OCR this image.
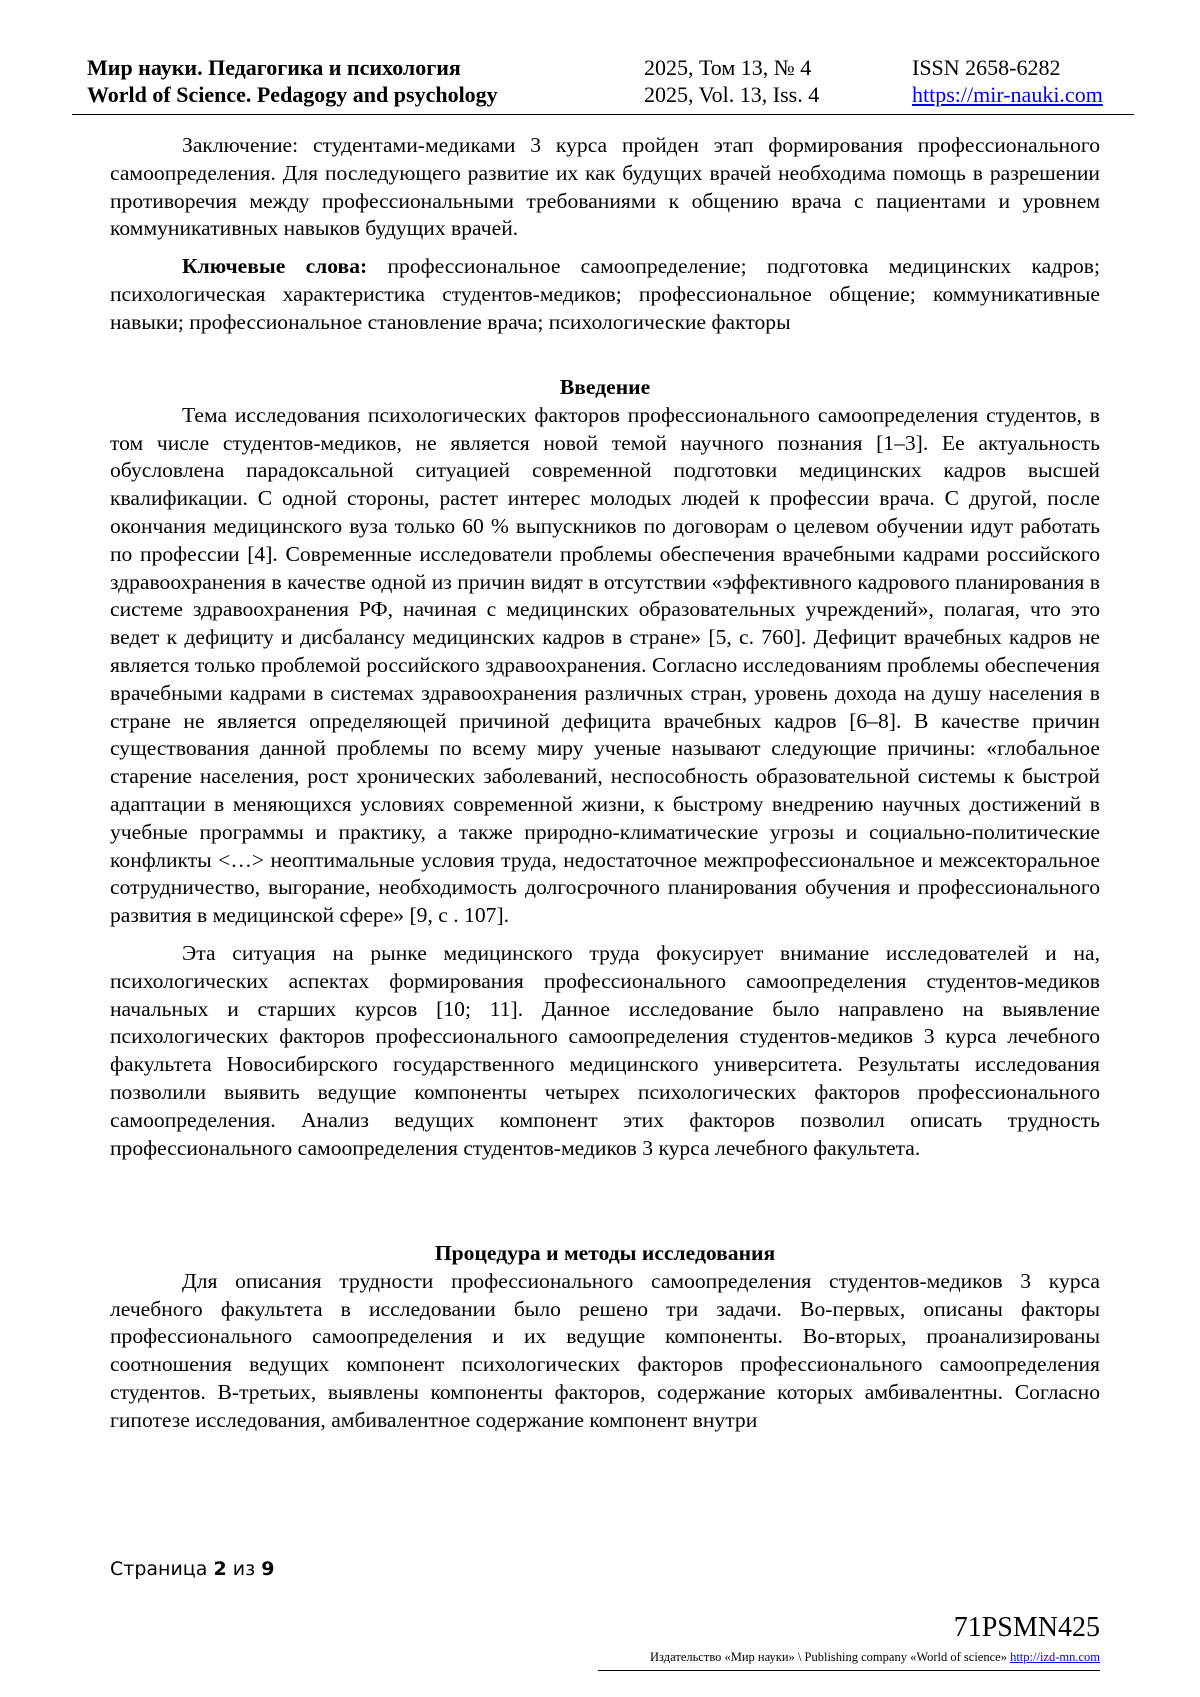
Мир науки. Педагогика и психология
World of Science. Pedagogy and psychology
2025, Том 13, № 4
2025, Vol. 13, Iss. 4
ISSN 2658-6282
https://mir-nauki.com

Заключение: студентами-медиками 3 курса пройден этап формирования профессионального самоопределения. Для последующего развитие их как будущих врачей необходима помощь в разрешении противоречия между профессиональными требованиями к общению врача с пациентами и уровнем коммуникативных навыков будущих врачей.

Ключевые слова: профессиональное самоопределение; подготовка медицинских кадров; психологическая характеристика студентов-медиков; профессиональное общение; коммуникативные навыки; профессиональное становление врача; психологические факторы

Введение

Тема исследования психологических факторов профессионального самоопределения студентов, в том числе студентов-медиков, не является новой темой научного познания [1–3]. Ее актуальность обусловлена парадоксальной ситуацией современной подготовки медицинских кадров высшей квалификации. С одной стороны, растет интерес молодых людей к профессии врача. С другой, после окончания медицинского вуза только 60 % выпускников по договорам о целевом обучении идут работать по профессии [4]. Современные исследователи проблемы обеспечения врачебными кадрами российского здравоохранения в качестве одной из причин видят в отсутствии «эффективного кадрового планирования в системе здравоохранения РФ, начиная с медицинских образовательных учреждений», полагая, что это ведет к дефициту и дисбалансу медицинских кадров в стране» [5, с. 760]. Дефицит врачебных кадров не является только проблемой российского здравоохранения. Согласно исследованиям проблемы обеспечения врачебными кадрами в системах здравоохранения различных стран, уровень дохода на душу населения в стране не является определяющей причиной дефицита врачебных кадров [6–8]. В качестве причин существования данной проблемы по всему миру ученые называют следующие причины: «глобальное старение населения, рост хронических заболеваний, неспособность образовательной системы к быстрой адаптации в меняющихся условиях современной жизни, к быстрому внедрению научных достижений в учебные программы и практику, а также природно-климатические угрозы и социально-политические конфликты <…> неоптимальные условия труда, недостаточное межпрофессиональное и межсекторальное сотрудничество, выгорание, необходимость долгосрочного планирования обучения и профессионального развития в медицинской сфере» [9, с . 107].

Эта ситуация на рынке медицинского труда фокусирует внимание исследователей и на, психологических аспектах формирования профессионального самоопределения студентов-медиков начальных и старших курсов [10; 11]. Данное исследование было направлено на выявление психологических факторов профессионального самоопределения студентов-медиков 3 курса лечебного факультета Новосибирского государственного медицинского университета. Результаты исследования позволили выявить ведущие компоненты четырех психологических факторов профессионального самоопределения. Анализ ведущих компонент этих факторов позволил описать трудность профессионального самоопределения студентов-медиков 3 курса лечебного факультета.

Процедура и методы исследования

Для описания трудности профессионального самоопределения студентов-медиков 3 курса лечебного факультета в исследовании было решено три задачи. Во-первых, описаны факторы профессионального самоопределения и их ведущие компоненты. Во-вторых, проанализированы соотношения ведущих компонент психологических факторов профессионального самоопределения студентов. В-третьих, выявлены компоненты факторов, содержание которых амбивалентны. Согласно гипотезе исследования, амбивалентное содержание компонент внутри

Страница 2 из 9
71PSMN425
Издательство «Мир науки» \ Publishing company «World of science» http://izd-mn.com
